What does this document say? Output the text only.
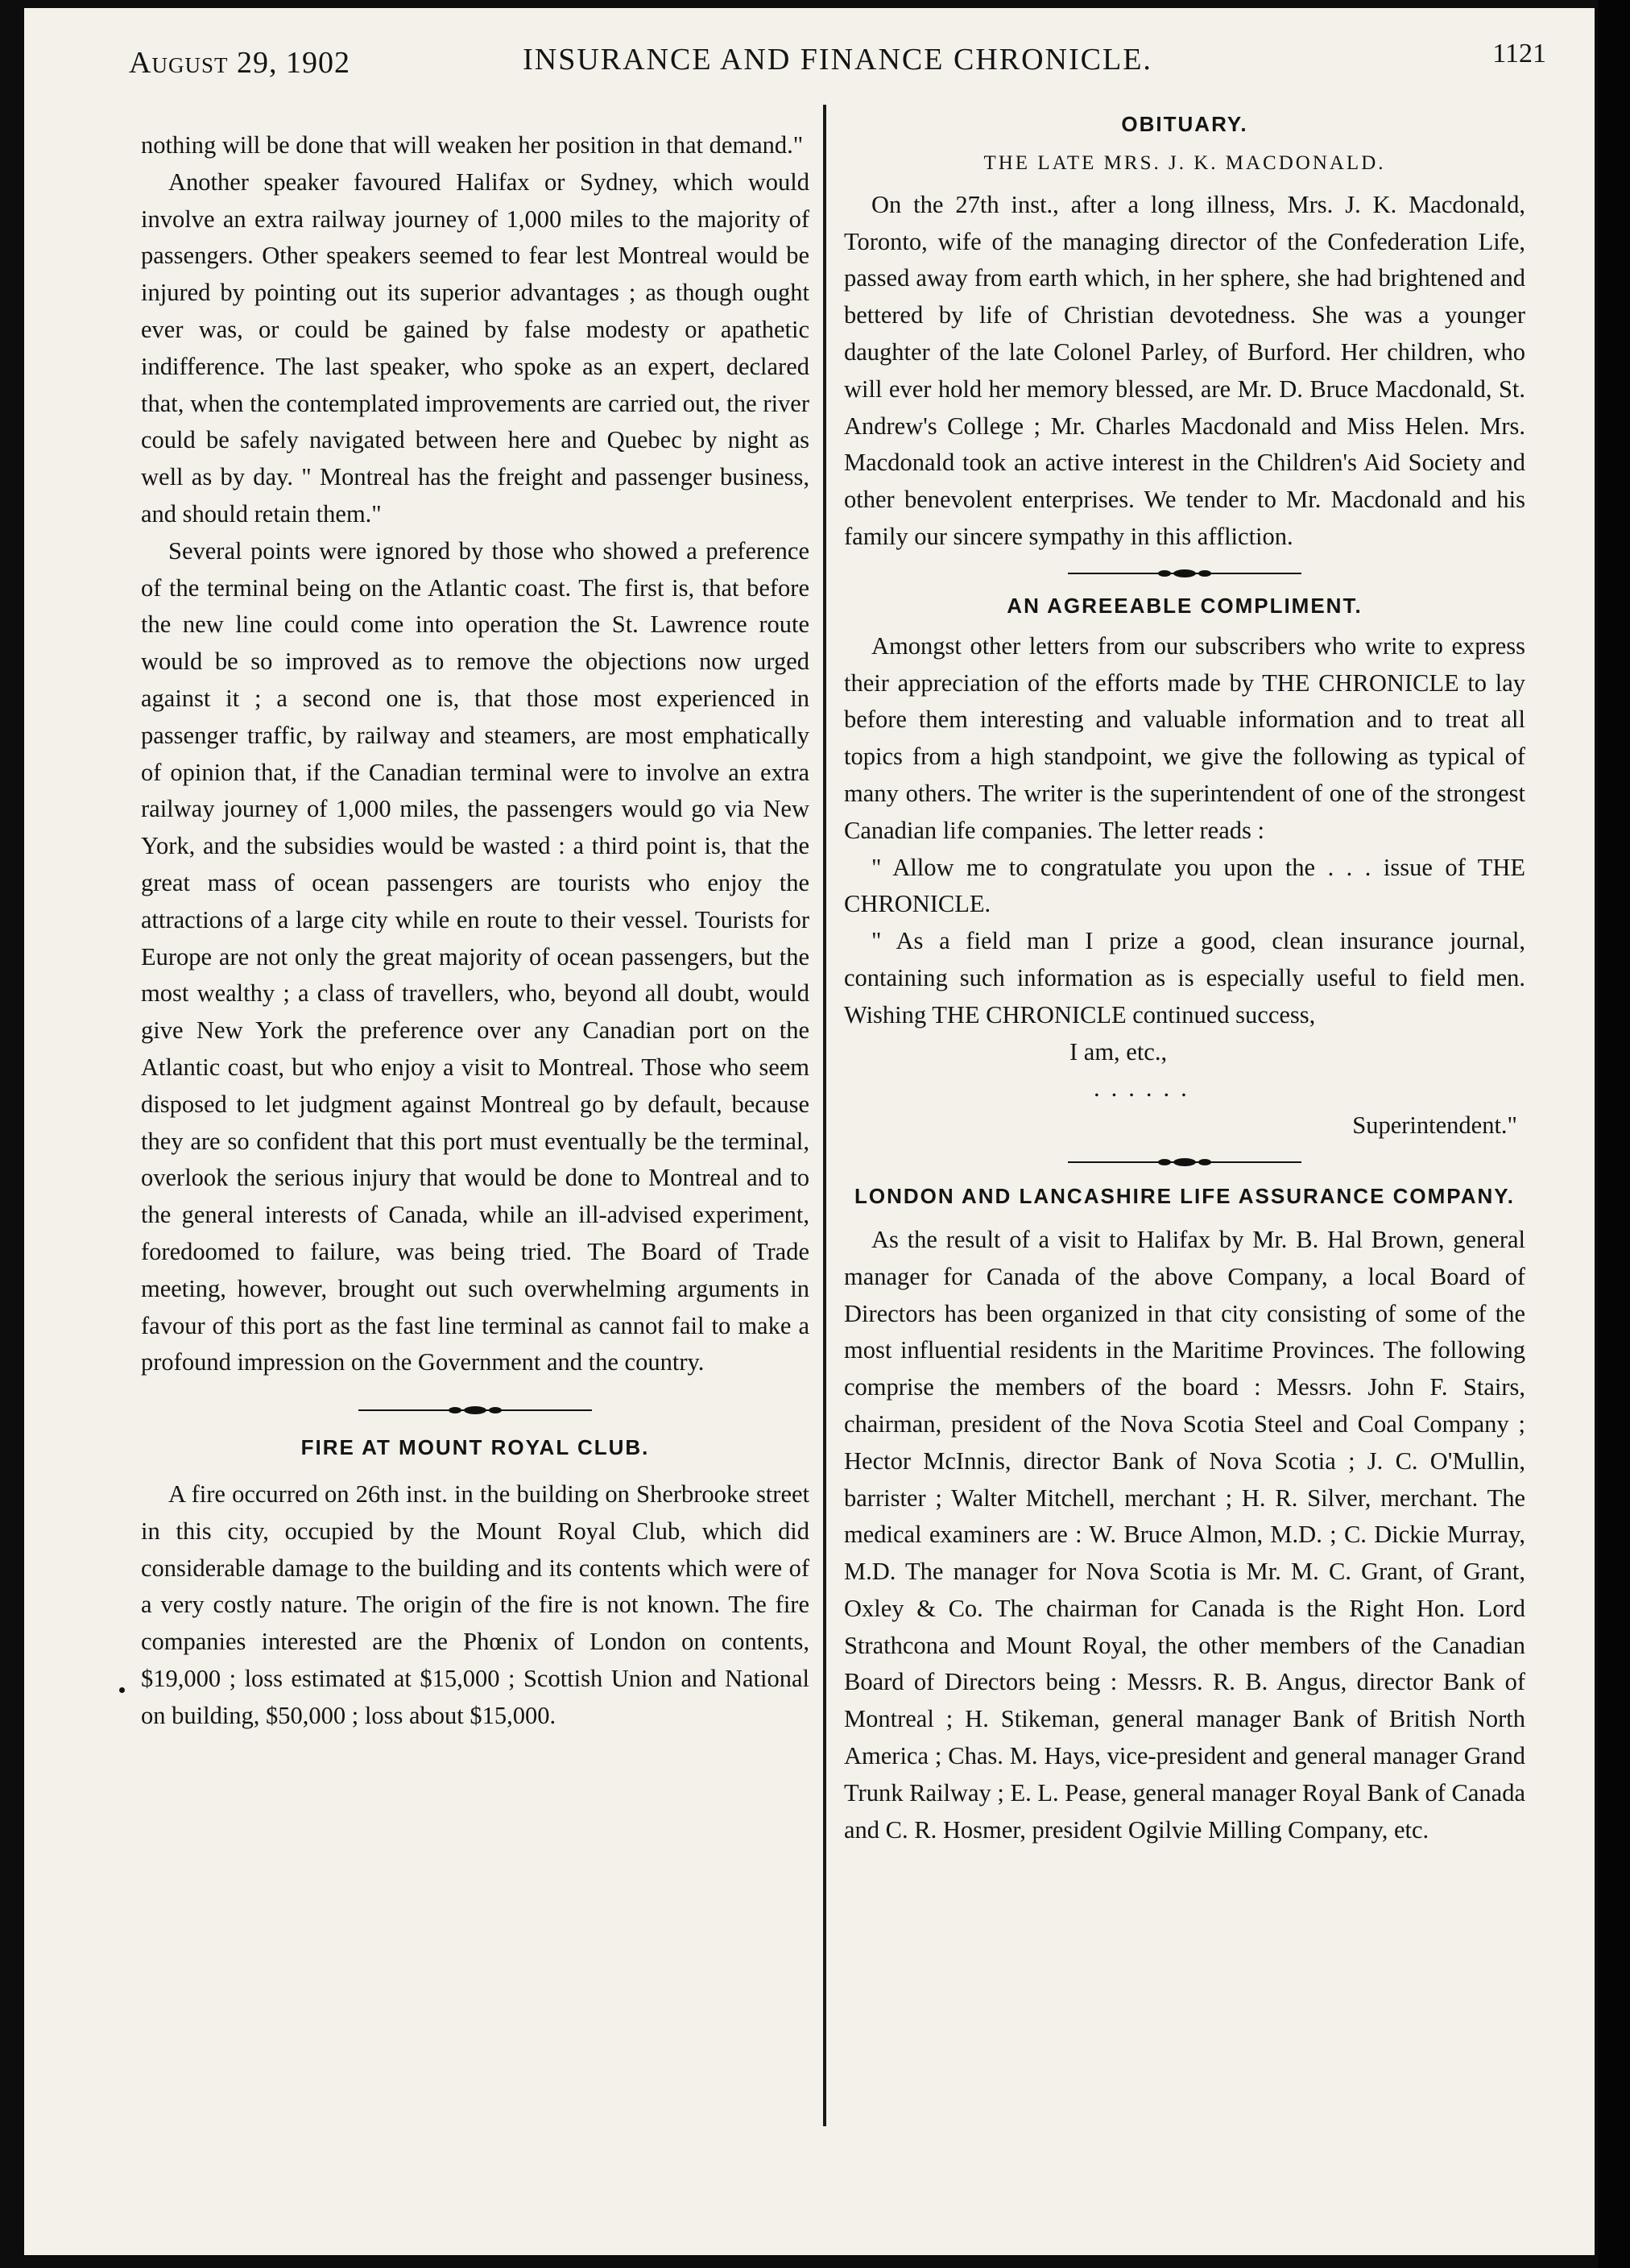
August 29, 1902	INSURANCE AND FINANCE CHRONICLE.	1121

nothing will be done that will weaken her position in that demand."

Another speaker favoured Halifax or Sydney, which would involve an extra railway journey of 1,000 miles to the majority of passengers. Other speakers seemed to fear lest Montreal would be injured by pointing out its superior advantages ; as though ought ever was, or could be gained by false modesty or apathetic indifference. The last speaker, who spoke as an expert, declared that, when the contemplated improvements are carried out, the river could be safely navigated between here and Quebec by night as well as by day. " Montreal has the freight and passenger business, and should retain them."

Several points were ignored by those who showed a preference of the terminal being on the Atlantic coast. The first is, that before the new line could come into operation the St. Lawrence route would be so improved as to remove the objections now urged against it ; a second one is, that those most experienced in passenger traffic, by railway and steamers, are most emphatically of opinion that, if the Canadian terminal were to involve an extra railway journey of 1,000 miles, the passengers would go via New York, and the subsidies would be wasted : a third point is, that the great mass of ocean passengers are tourists who enjoy the attractions of a large city while en route to their vessel. Tourists for Europe are not only the great majority of ocean passengers, but the most wealthy ; a class of travellers, who, beyond all doubt, would give New York the preference over any Canadian port on the Atlantic coast, but who enjoy a visit to Montreal. Those who seem disposed to let judgment against Montreal go by default, because they are so confident that this port must eventually be the terminal, overlook the serious injury that would be done to Montreal and to the general interests of Canada, while an ill-advised experiment, foredoomed to failure, was being tried. The Board of Trade meeting, however, brought out such overwhelming arguments in favour of this port as the fast line terminal as cannot fail to make a profound impression on the Government and the country.

FIRE AT MOUNT ROYAL CLUB.

A fire occurred on 26th inst. in the building on Sherbrooke street in this city, occupied by the Mount Royal Club, which did considerable damage to the building and its contents which were of a very costly nature. The origin of the fire is not known. The fire companies interested are the Phœnix of London on contents, $19,000 ; loss estimated at $15,000 ; Scottish Union and National on building, $50,000 ; loss about $15,000.

OBITUARY.
THE LATE MRS. J. K. MACDONALD.

On the 27th inst., after a long illness, Mrs. J. K. Macdonald, Toronto, wife of the managing director of the Confederation Life, passed away from earth which, in her sphere, she had brightened and bettered by life of Christian devotedness. She was a younger daughter of the late Colonel Parley, of Burford. Her children, who will ever hold her memory blessed, are Mr. D. Bruce Macdonald, St. Andrew's College ; Mr. Charles Macdonald and Miss Helen. Mrs. Macdonald took an active interest in the Children's Aid Society and other benevolent enterprises. We tender to Mr. Macdonald and his family our sincere sympathy in this affliction.

AN AGREEABLE COMPLIMENT.

Amongst other letters from our subscribers who write to express their appreciation of the efforts made by THE CHRONICLE to lay before them interesting and valuable information and to treat all topics from a high standpoint, we give the following as typical of many others. The writer is the superintendent of one of the strongest Canadian life companies. The letter reads :

" Allow me to congratulate you upon the . . . issue of THE CHRONICLE.

" As a field man I prize a good, clean insurance journal, containing such information as is especially useful to field men. Wishing THE CHRONICLE continued success,

I am, etc.,
......
Superintendent."
LONDON AND LANCASHIRE LIFE ASSURANCE COMPANY.

As the result of a visit to Halifax by Mr. B. Hal Brown, general manager for Canada of the above Company, a local Board of Directors has been organized in that city consisting of some of the most influential residents in the Maritime Provinces. The following comprise the members of the board : Messrs. John F. Stairs, chairman, president of the Nova Scotia Steel and Coal Company ; Hector McInnis, director Bank of Nova Scotia ; J. C. O'Mullin, barrister ; Walter Mitchell, merchant ; H. R. Silver, merchant. The medical examiners are : W. Bruce Almon, M.D. ; C. Dickie Murray, M.D. The manager for Nova Scotia is Mr. M. C. Grant, of Grant, Oxley & Co. The chairman for Canada is the Right Hon. Lord Strathcona and Mount Royal, the other members of the Canadian Board of Directors being : Messrs. R. B. Angus, director Bank of Montreal ; H. Stikeman, general manager Bank of British North America ; Chas. M. Hays, vice-president and general manager Grand Trunk Railway ; E. L. Pease, general manager Royal Bank of Canada and C. R. Hosmer, president Ogilvie Milling Company, etc.
